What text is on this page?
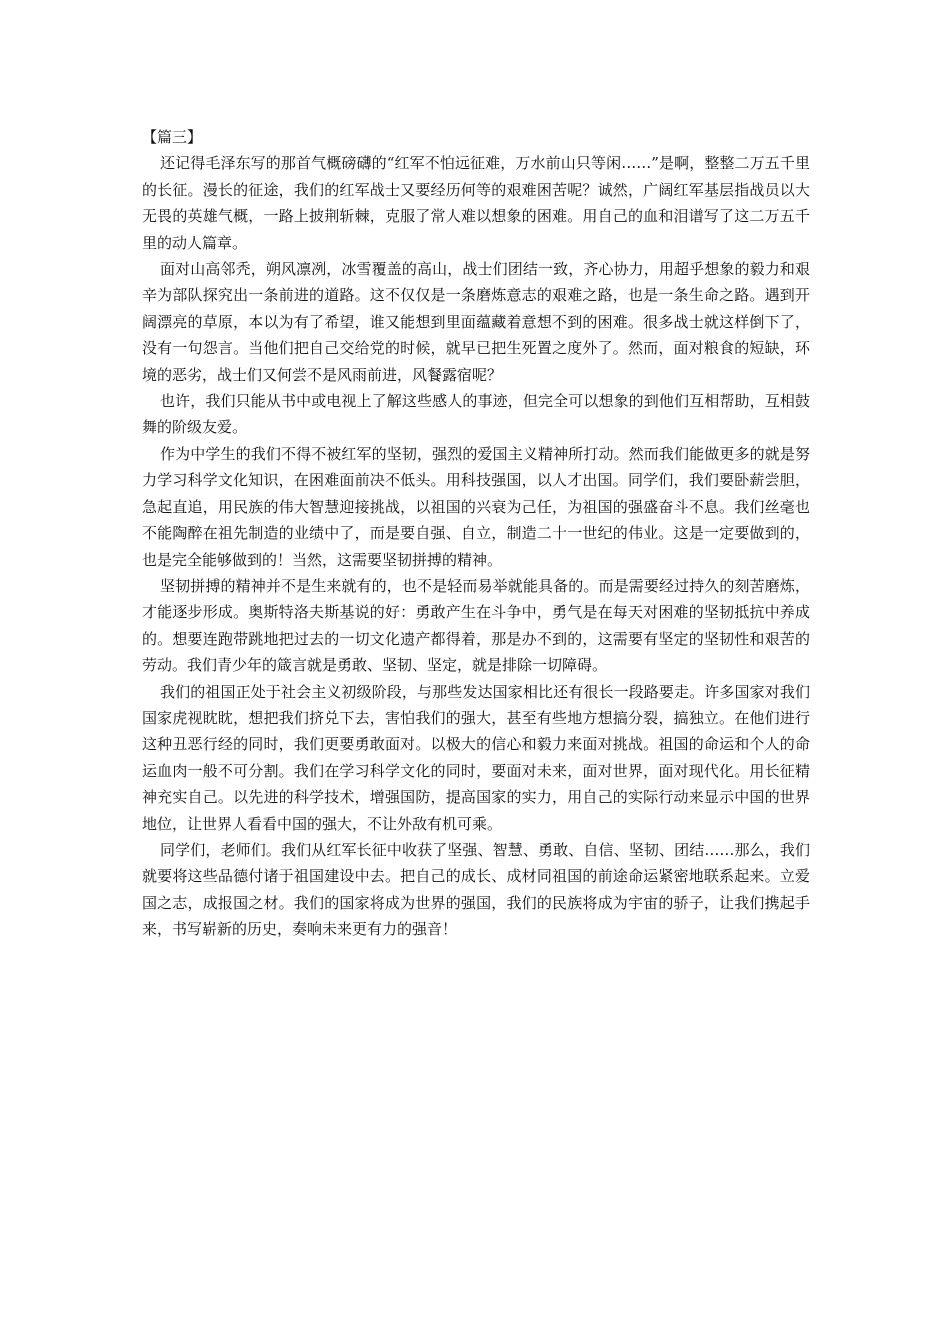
【篇三】

还记得毛泽东写的那首气概磅礴的“红军不怕远征难，万水前山只等闲……”是啊，整整二万五千里的长征。漫长的征途，我们的红军战士又要经历何等的艰难困苦呢？诚然，广阔红军基层指战员以大无畏的英雄气概，一路上披荆斩棘，克服了常人难以想象的困难。用自己的血和泪谱写了这二万五千里的动人篇章。

面对山高邻秃，朔风凛冽，冰雪覆盖的高山，战士们团结一致，齐心协力，用超乎想象的毅力和艰辛为部队探究出一条前进的道路。这不仅仅是一条磨炼意志的艰难之路，也是一条生命之路。遇到开阔漂亮的草原，本以为有了希望，谁又能想到里面蕴藏着意想不到的困难。很多战士就这样倒下了，没有一句怨言。当他们把自己交给党的时候，就早已把生死置之度外了。然而，面对粮食的短缺，环境的恶劣，战士们又何尝不是风雨前进，风餐露宿呢？

也许，我们只能从书中或电视上了解这些感人的事迹，但完全可以想象的到他们互相帮助，互相鼓舞的阶级友爱。

作为中学生的我们不得不被红军的坚韧，强烈的爱国主义精神所打动。然而我们能做更多的就是努力学习科学文化知识，在困难面前决不低头。用科技强国，以人才出国。同学们，我们要卧薪尝胆，急起直追，用民族的伟大智慧迎接挑战，以祖国的兴衰为己任，为祖国的强盛奋斗不息。我们丝毫也不能陶醉在祖先制造的业绩中了，而是要自强、自立，制造二十一世纪的伟业。这是一定要做到的，也是完全能够做到的！当然，这需要坚韧拼搏的精神。

坚韧拼搏的精神并不是生来就有的，也不是轻而易举就能具备的。而是需要经过持久的刻苦磨炼，才能逐步形成。奥斯特洛夫斯基说的好：勇敢产生在斗争中，勇气是在每天对困难的坚韧抵抗中养成的。想要连跑带跳地把过去的一切文化遗产都得着，那是办不到的，这需要有坚定的坚韧性和艰苦的劳动。我们青少年的箴言就是勇敢、坚韧、坚定，就是排除一切障碍。

我们的祖国正处于社会主义初级阶段，与那些发达国家相比还有很长一段路要走。许多国家对我们国家虎视眈眈，想把我们挤兑下去，害怕我们的强大，甚至有些地方想搞分裂，搞独立。在他们进行这种丑恶行经的同时，我们更要勇敢面对。以极大的信心和毅力来面对挑战。祖国的命运和个人的命运血肉一般不可分割。我们在学习科学文化的同时，要面对未来，面对世界，面对现代化。用长征精神充实自己。以先进的科学技术，增强国防，提高国家的实力，用自己的实际行动来显示中国的世界地位，让世界人看看中国的强大，不让外敌有机可乘。

同学们，老师们。我们从红军长征中收获了坚强、智慧、勇敢、自信、坚韧、团结……那么，我们就要将这些品德付诸于祖国建设中去。把自己的成长、成材同祖国的前途命运紧密地联系起来。立爱国之志，成报国之材。我们的国家将成为世界的强国，我们的民族将成为宇宙的骄子，让我们携起手来，书写崭新的历史，奏响未来更有力的强音！
